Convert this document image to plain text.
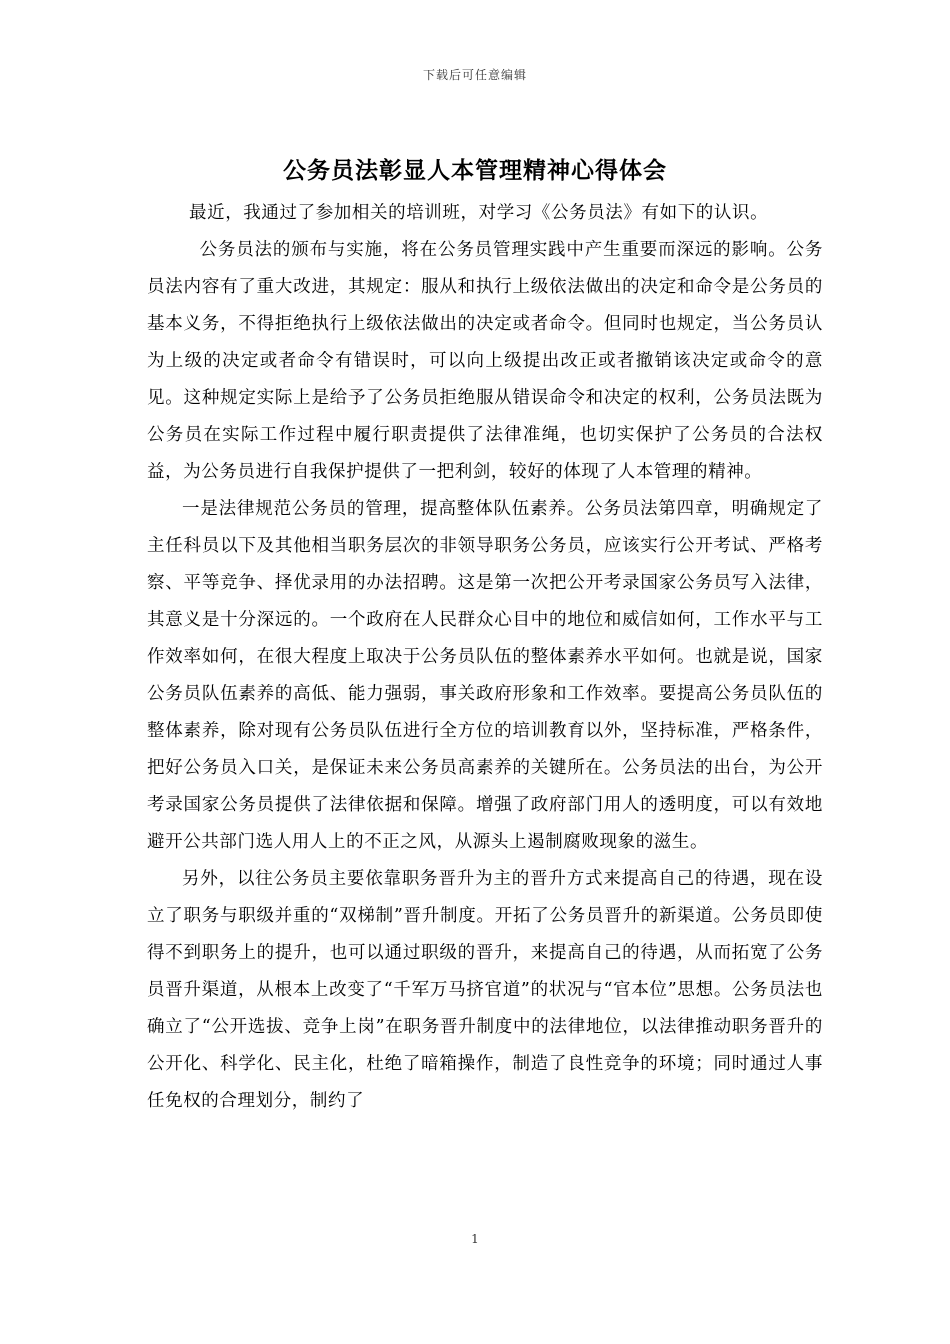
下载后可任意编辑
公务员法彰显人本管理精神心得体会

最近，我通过了参加相关的培训班，对学习《公务员法》有如下的认识。

公务员法的颁布与实施，将在公务员管理实践中产生重要而深远的影响。公务员法内容有了重大改进，其规定：服从和执行上级依法做出的决定和命令是公务员的基本义务，不得拒绝执行上级依法做出的决定或者命令。但同时也规定，当公务员认为上级的决定或者命令有错误时，可以向上级提出改正或者撤销该决定或命令的意见。这种规定实际上是给予了公务员拒绝服从错误命令和决定的权利，公务员法既为公务员在实际工作过程中履行职责提供了法律准绳，也切实保护了公务员的合法权益，为公务员进行自我保护提供了一把利剑，较好的体现了人本管理的精神。

一是法律规范公务员的管理，提高整体队伍素养。公务员法第四章，明确规定了主任科员以下及其他相当职务层次的非领导职务公务员，应该实行公开考试、严格考察、平等竞争、择优录用的办法招聘。这是第一次把公开考录国家公务员写入法律，其意义是十分深远的。一个政府在人民群众心目中的地位和威信如何，工作水平与工作效率如何，在很大程度上取决于公务员队伍的整体素养水平如何。也就是说，国家公务员队伍素养的高低、能力强弱，事关政府形象和工作效率。要提高公务员队伍的整体素养，除对现有公务员队伍进行全方位的培训教育以外，坚持标准，严格条件，把好公务员入口关，是保证未来公务员高素养的关键所在。公务员法的出台，为公开考录国家公务员提供了法律依据和保障。增强了政府部门用人的透明度，可以有效地避开公共部门选人用人上的不正之风，从源头上遏制腐败现象的滋生。

另外，以往公务员主要依靠职务晋升为主的晋升方式来提高自己的待遇，现在设立了职务与职级并重的“双梯制”晋升制度。开拓了公务员晋升的新渠道。公务员即使得不到职务上的提升，也可以通过职级的晋升，来提高自己的待遇，从而拓宽了公务员晋升渠道，从根本上改变了“千军万马挤官道”的状况与“官本位”思想。公务员法也确立了“公开选拔、竞争上岗”在职务晋升制度中的法律地位，以法律推动职务晋升的公开化、科学化、民主化，杜绝了暗箱操作，制造了良性竞争的环境；同时通过人事任免权的合理划分，制约了

1
